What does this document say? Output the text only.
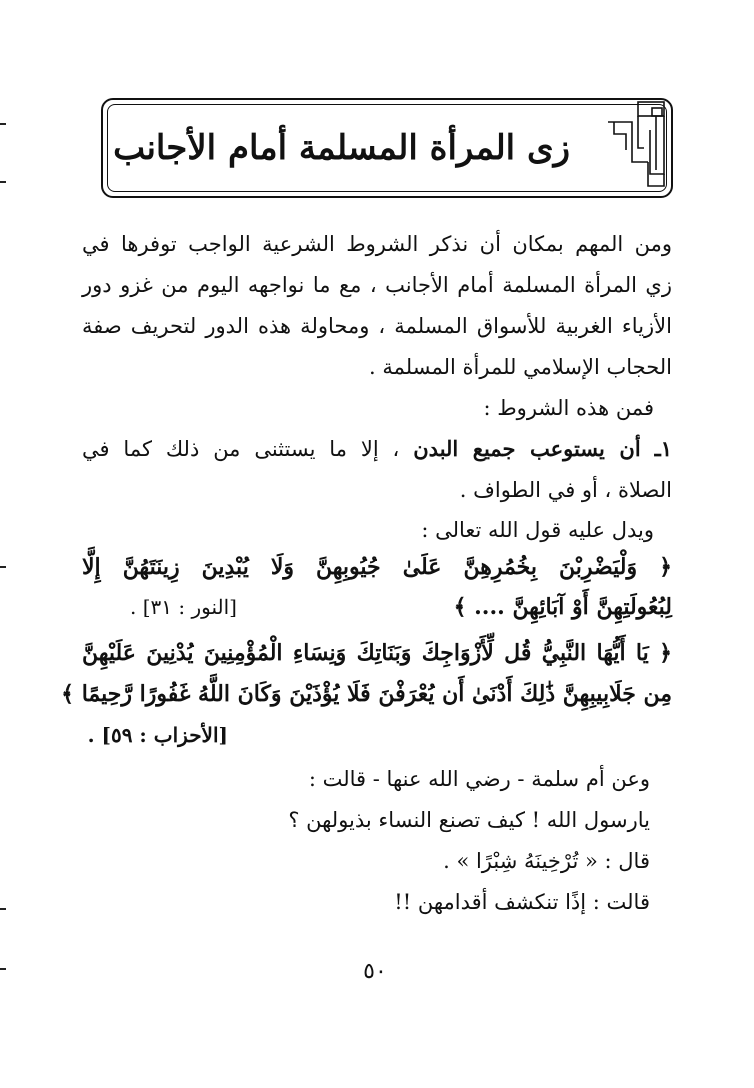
زى المرأة المسلمة أمام الأجانب
ومن المهم بمكان أن نذكر الشروط الشرعية الواجب توفرها في
زي المرأة المسلمة أمام الأجانب ، مع ما نواجهه اليوم من غزو دور
الأزياء الغربية للأسواق المسلمة ، ومحاولة هذه الدور لتحريف صفة
الحجاب الإسلامي للمرأة المسلمة .
فمن هذه الشروط :
١ـ أن يستوعب جميع البدن ، إلا ما يستثنى من ذلك كما في
الصلاة ، أو في الطواف .
ويدل عليه قول الله تعالى :
﴿ وَلْيَضْرِبْنَ بِخُمُرِهِنَّ عَلَىٰ جُيُوبِهِنَّ وَلَا يُبْدِينَ زِينَتَهُنَّ إِلَّا
لِبُعُولَتِهِنَّ أَوْ آبَائِهِنَّ .... ﴾
[النور : ٣١] .
﴿ يَا أَيُّهَا النَّبِيُّ قُل لِّأَزْوَاجِكَ وَبَنَاتِكَ وَنِسَاءِ الْمُؤْمِنِينَ يُدْنِينَ عَلَيْهِنَّ
مِن جَلَابِيبِهِنَّ ذَٰلِكَ أَدْنَىٰ أَن يُعْرَفْنَ فَلَا يُؤْذَيْنَ وَكَانَ اللَّهُ غَفُورًا رَّحِيمًا ﴾
[الأحزاب : ٥٩] .
وعن أم سلمة - رضي الله عنها - قالت :
يارسول الله ! كيف تصنع النساء بذيولهن ؟
قال : « تُرْخِينَهُ شِبْرًا » .
قالت : إذًا تنكشف أقدامهن !!
٥٠
